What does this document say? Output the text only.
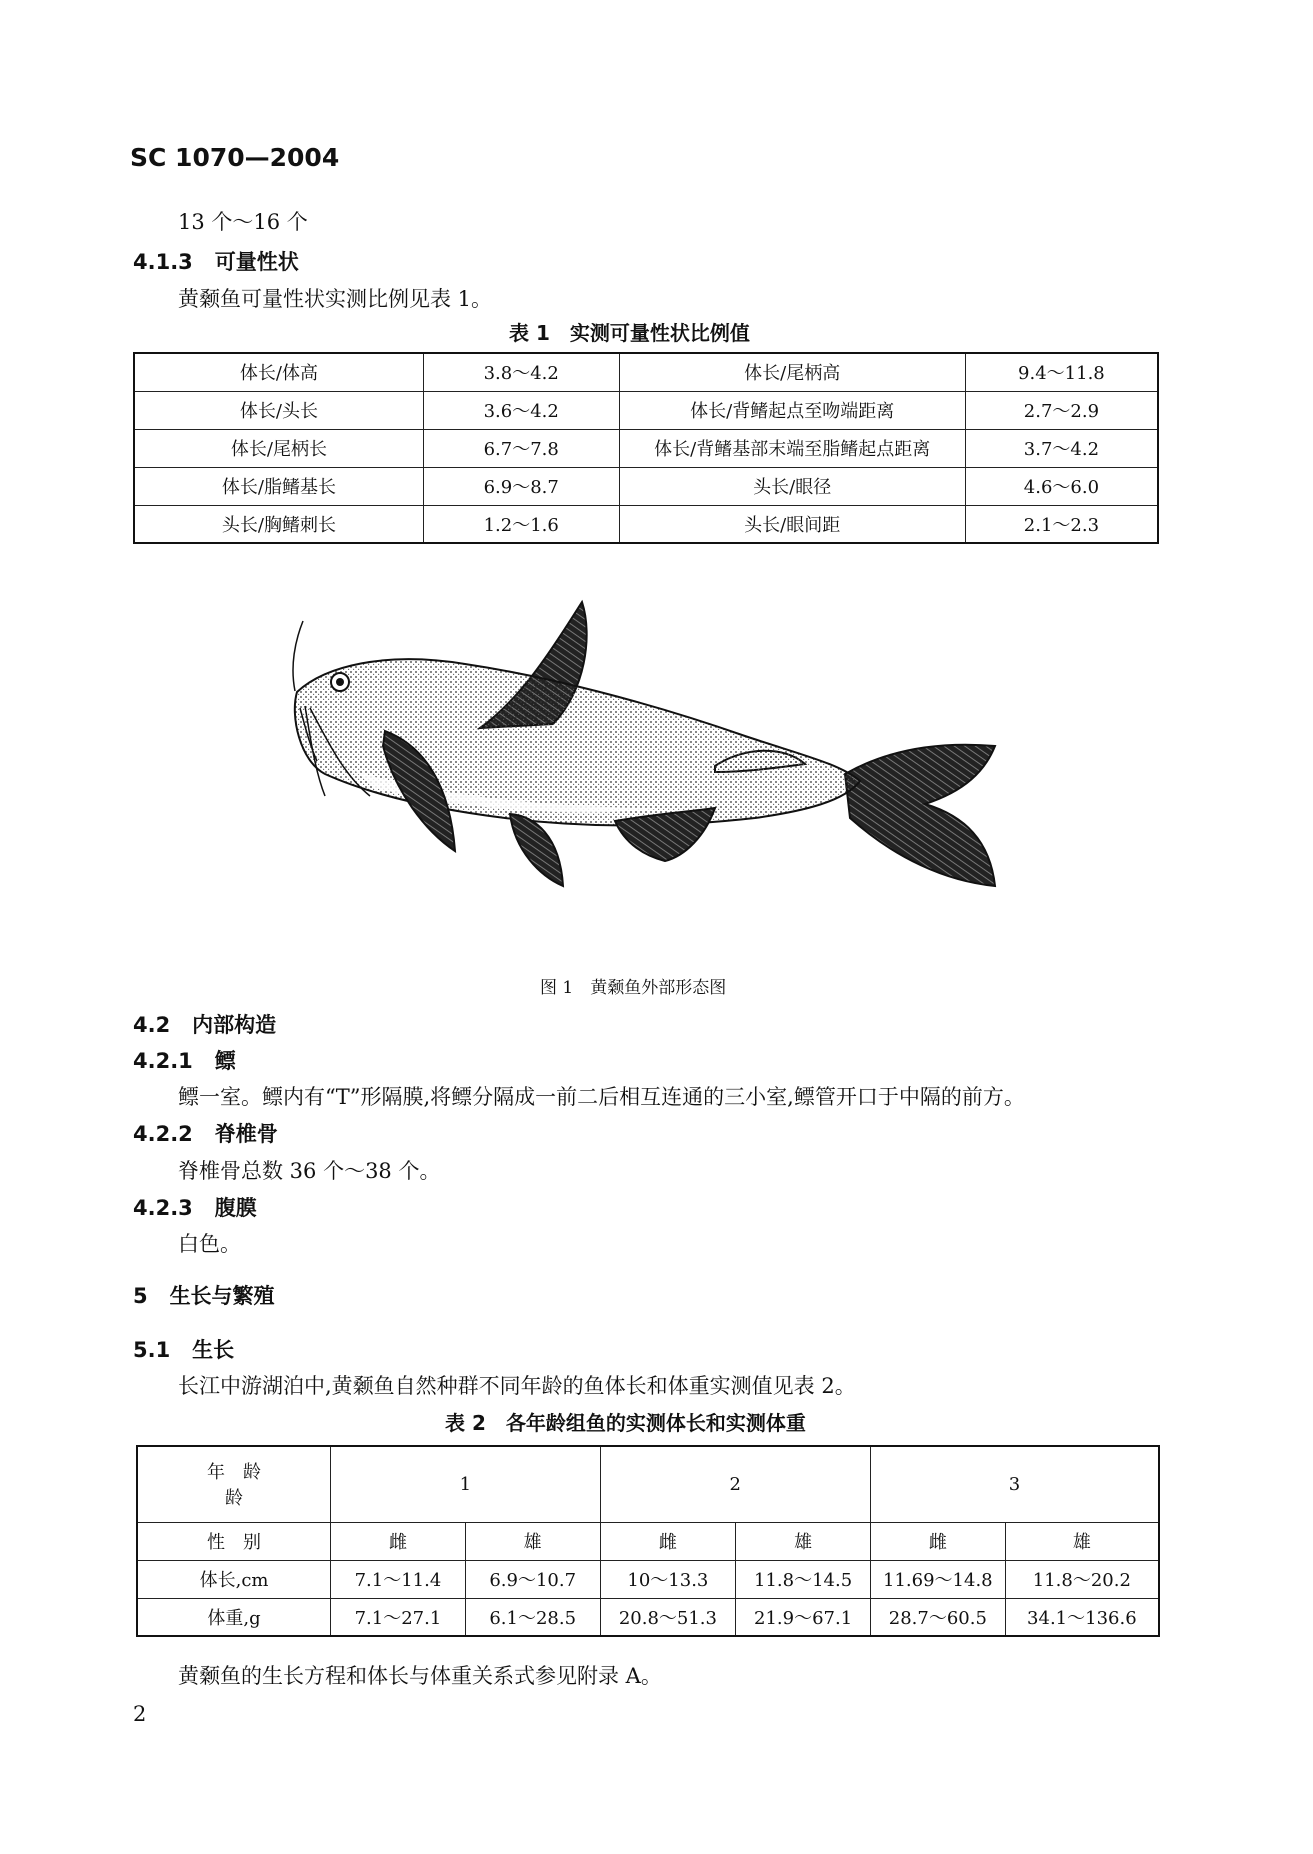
SC 1070—2004
13 个～16 个
4.1.3 可量性状
黄颡鱼可量性状实测比例见表 1。
表 1　实测可量性状比例值
体长/体高	3.8～4.2	体长/尾柄高	9.4～11.8
体长/头长	3.6～4.2	体长/背鳍起点至吻端距离	2.7～2.9
体长/尾柄长	6.7～7.8	体长/背鳍基部末端至脂鳍起点距离	3.7～4.2
体长/脂鳍基长	6.9～8.7	头长/眼径	4.6～6.0
头长/胸鳍刺长	1.2～1.6	头长/眼间距	2.1～2.3
图 1　黄颡鱼外部形态图
4.2 内部构造
4.2.1 鳔
鳔一室。鳔内有“T”形隔膜,将鳔分隔成一前二后相互连通的三小室,鳔管开口于中隔的前方。
4.2.2 脊椎骨
脊椎骨总数 36 个～38 个。
4.2.3 腹膜
白色。
5 生长与繁殖
5.1 生长
长江中游湖泊中,黄颡鱼自然种群不同年龄的鱼体长和体重实测值见表 2。
表 2　各年龄组鱼的实测体长和实测体重
年　龄
龄	1		2		3	
性　别	雌	雄	雌	雄	雌	雄
体长,cm	7.1～11.4	6.9～10.7	10～13.3	11.8～14.5	11.69～14.8	11.8～20.2
体重,g	7.1～27.1	6.1～28.5	20.8～51.3	21.9～67.1	28.7～60.5	34.1～136.6
黄颡鱼的生长方程和体长与体重关系式参见附录 A。
2
